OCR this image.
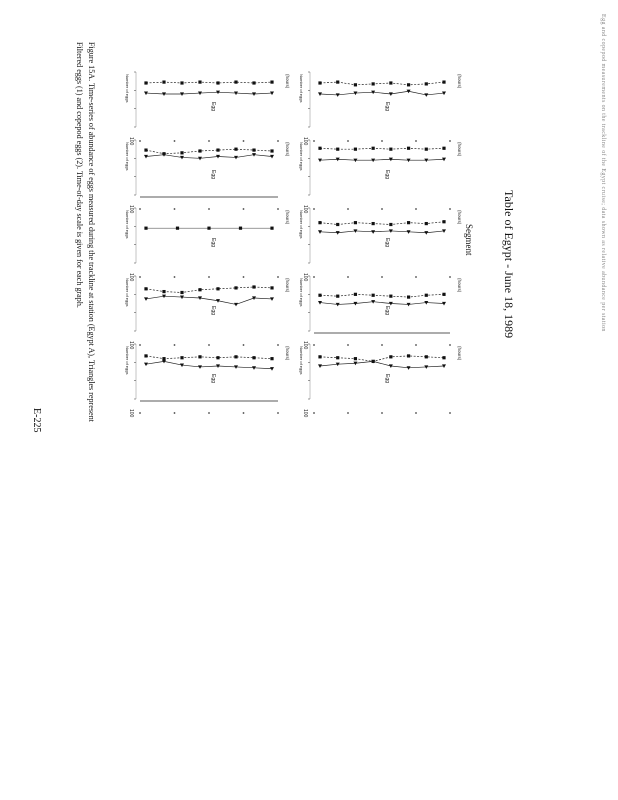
Number of eggs	(hours)
100
Egg
Number of eggs	(hours)
100
Egg
Number of eggs	(hours)
100
Egg
Number of eggs	(hours)
100
Egg
Number of eggs	(hours)
100
Egg
Number of eggs	(hours)
100
Egg
Number of eggs	(hours)
100
Egg
Number of eggs	(hours)
100
Egg
Number of eggs	(hours)
100
Egg
Number of eggs	(hours)
100
Egg
Table of Egypt - June 18, 1989
Segment
Figure 15A. Time-series of abundance of eggs measured during the trackline at station (Egypt A), Triangles represent
Filtered eggs (1) and copepod eggs (2). Time-of-day scale is given for each graph.
E-225
Egg and copepod measurements on the trackline of the Egypt cruise; data shown as relative abundance per station
